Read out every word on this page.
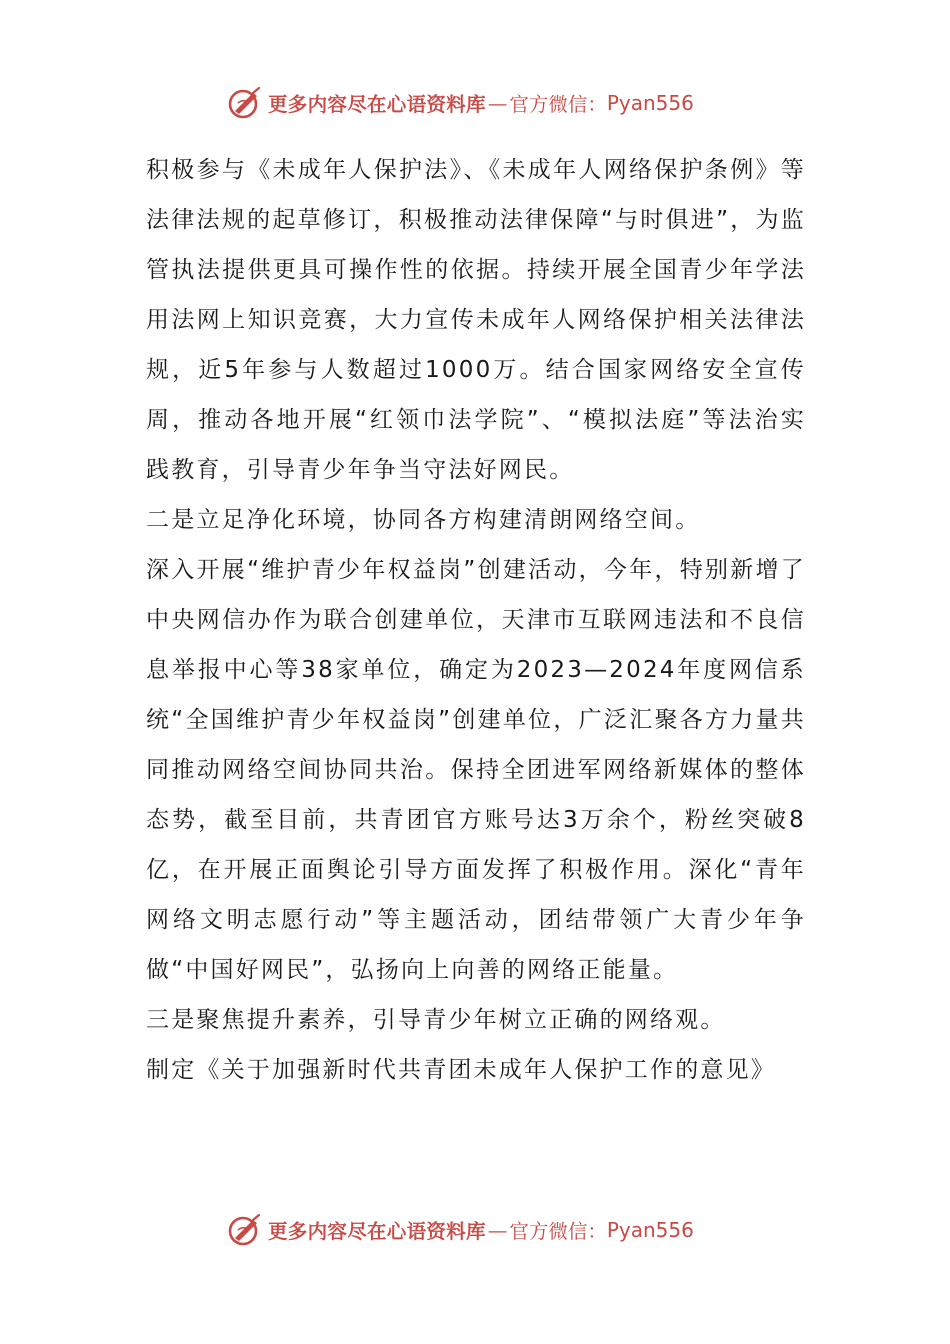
更多内容尽在心语资料库 — 官方微信： Pyan556

积极参与《未成年人保护法》、《未成年人网络保护条例》等法律法规的起草修订，积极推动法律保障“与时俱进”，为监管执法提供更具可操作性的依据。持续开展全国青少年学法用法网上知识竞赛，大力宣传未成年人网络保护相关法律法规，近5年参与人数超过1000万。结合国家网络安全宣传周，推动各地开展“红领巾法学院”、“模拟法庭”等法治实践教育，引导青少年争当守法好网民。

二是立足净化环境，协同各方构建清朗网络空间。

深入开展“维护青少年权益岗”创建活动，今年，特别新增了中央网信办作为联合创建单位，天津市互联网违法和不良信息举报中心等38家单位，确定为2023—2024年度网信系统“全国维护青少年权益岗”创建单位，广泛汇聚各方力量共同推动网络空间协同共治。保持全团进军网络新媒体的整体态势，截至目前，共青团官方账号达3万余个，粉丝突破8亿，在开展正面舆论引导方面发挥了积极作用。深化“青年网络文明志愿行动”等主题活动，团结带领广大青少年争做“中国好网民”，弘扬向上向善的网络正能量。

三是聚焦提升素养，引导青少年树立正确的网络观。

制定《关于加强新时代共青团未成年人保护工作的意见》

更多内容尽在心语资料库 — 官方微信： Pyan556
